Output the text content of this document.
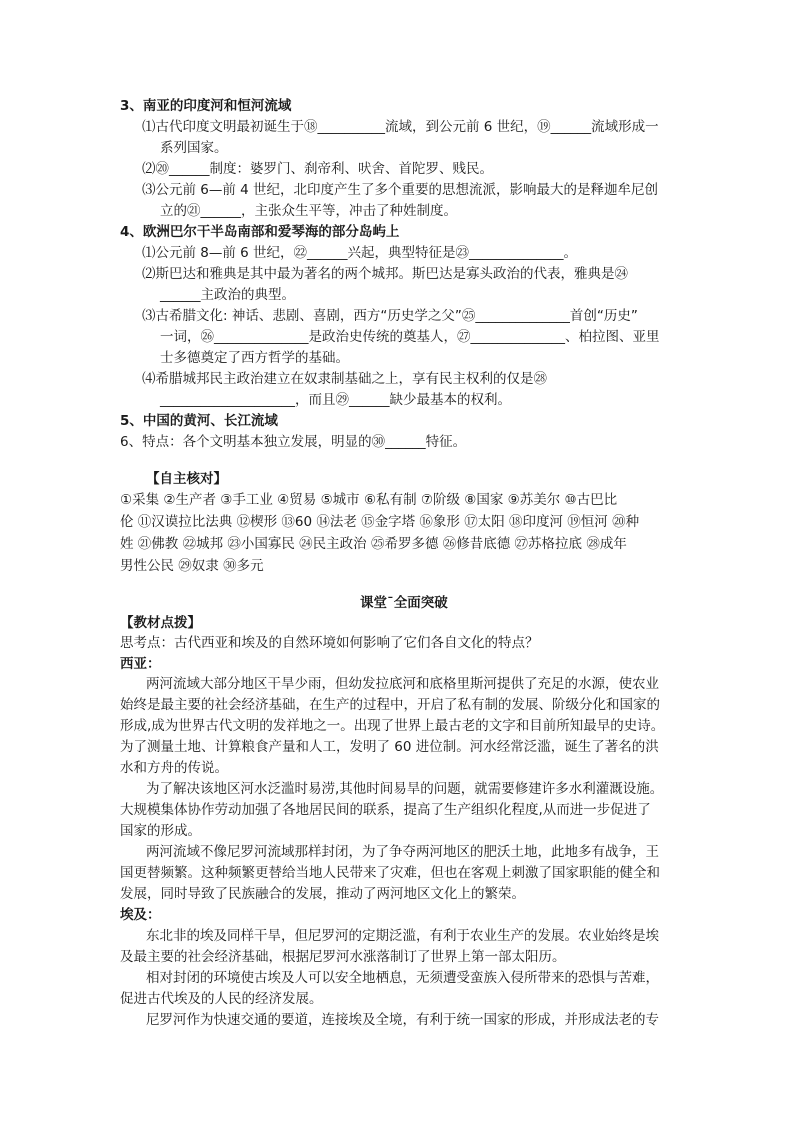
3、南亚的印度河和恒河流域
⑴古代印度文明最初诞生于⑱__________流域，到公元前 6 世纪，⑲______流域形成一
系列国家。
⑵⑳______制度：婆罗门、刹帝利、吠舍、首陀罗、贱民。
⑶公元前 6—前 4 世纪，北印度产生了多个重要的思想流派，影响最大的是释迦牟尼创
立的㉑______，主张众生平等，冲击了种姓制度。
4、欧洲巴尔干半岛南部和爱琴海的部分岛屿上
⑴公元前 8—前 6 世纪，㉒______兴起，典型特征是㉓______________。
⑵斯巴达和雅典是其中最为著名的两个城邦。斯巴达是寡头政治的代表，雅典是㉔
______主政治的典型。
⑶古希腊文化: 神话、悲剧、喜剧，西方“历史学之父”㉕______________首创“历史”
一词，㉖______________是政治史传统的奠基人，㉗______________、柏拉图、亚里
士多德奠定了西方哲学的基础。
⑷希腊城邦民主政治建立在奴隶制基础之上，享有民主权利的仅是㉘
____________________，而且㉙______缺少最基本的权利。
5、中国的黄河、长江流域
6、特点：各个文明基本独立发展，明显的㉚______特征。
【自主核对】
①采集 ②生产者 ③手工业 ④贸易 ⑤城市 ⑥私有制 ⑦阶级 ⑧国家 ⑨苏美尔 ⑩古巴比
伦 ⑪汉谟拉比法典 ⑫楔形 ⑬60 ⑭法老 ⑮金字塔 ⑯象形 ⑰太阳 ⑱印度河 ⑲恒河 ⑳种
姓 ㉑佛教 ㉒城邦 ㉓小国寡民 ㉔民主政治 ㉕希罗多德 ㉖修昔底德 ㉗苏格拉底 ㉘成年
男性公民 ㉙奴隶 ㉚多元
课堂ˉ全面突破
【教材点拨】
思考点：古代西亚和埃及的自然环境如何影响了它们各自文化的特点？
西亚：
两河流域大部分地区干旱少雨，但幼发拉底河和底格里斯河提供了充足的水源，使农业
始终是最主要的社会经济基础，在生产的过程中，开启了私有制的发展、阶级分化和国家的
形成,成为世界古代文明的发祥地之一。出现了世界上最古老的文字和目前所知最早的史诗。
为了测量土地、计算粮食产量和人工，发明了 60 进位制。河水经常泛滥，诞生了著名的洪
水和方舟的传说。
为了解决该地区河水泛滥时易涝,其他时间易旱的问题，就需要修建许多水利灌溉设施。
大规模集体协作劳动加强了各地居民间的联系，提高了生产组织化程度,从而进一步促进了
国家的形成。
两河流域不像尼罗河流域那样封闭，为了争夺两河地区的肥沃土地，此地多有战争，王
国更替频繁。这种频繁更替给当地人民带来了灾难，但也在客观上刺激了国家职能的健全和
发展，同时导致了民族融合的发展，推动了两河地区文化上的繁荣。
埃及：
东北非的埃及同样干旱，但尼罗河的定期泛滥，有利于农业生产的发展。农业始终是埃
及最主要的社会经济基础，根据尼罗河水涨落制订了世界上第一部太阳历。
相对封闭的环境使古埃及人可以安全地栖息，无须遭受蛮族入侵所带来的恐惧与苦难，
促进古代埃及的人民的经济发展。
尼罗河作为快速交通的要道，连接埃及全境，有利于统一国家的形成，并形成法老的专
